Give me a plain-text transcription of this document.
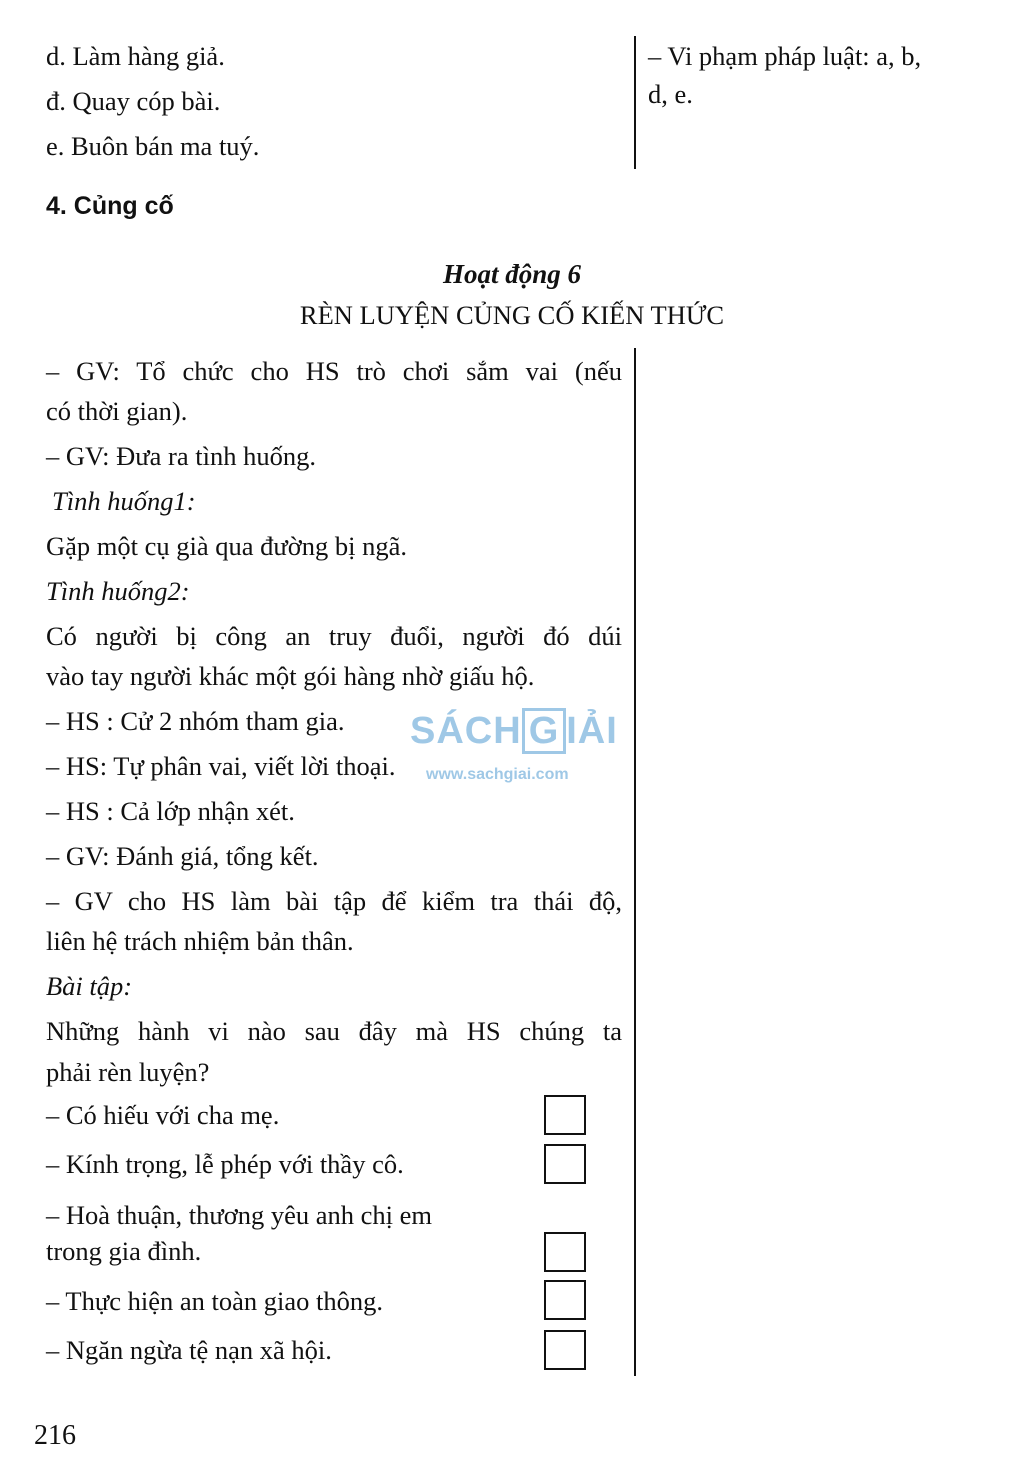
d. Làm hàng giả.
đ. Quay cóp bài.
e. Buôn bán ma tuý.
– Vi phạm pháp luật: a, b,
d, e.
4. Củng cố
Hoạt động 6
RÈN LUYỆN CỦNG CỐ KIẾN THỨC
– GV: Tổ chức cho HS trò chơi sắm vai (nếu
có thời gian).
– GV: Đưa ra tình huống.
Tình huống1:
Gặp một cụ già qua đường bị ngã.
Tình huống2:
Có người bị công an truy đuổi, người đó dúi
vào tay người khác một gói hàng nhờ giấu hộ.
– HS : Cử 2 nhóm tham gia.
– HS: Tự phân vai, viết lời thoại.
– HS : Cả lớp nhận xét.
– GV: Đánh giá, tổng kết.
– GV cho HS làm bài tập để kiểm tra thái độ,
liên hệ trách nhiệm bản thân.
Bài tập:
Những hành vi nào sau đây mà HS chúng ta
phải rèn luyện?
– Có hiếu với cha mẹ.
– Kính trọng, lễ phép với thầy cô.
– Hoà thuận, thương yêu anh chị em
trong gia đình.
– Thực hiện an toàn giao thông.
– Ngăn ngừa tệ nạn xã hội.
SÁCH G IẢI
www.sachgiai.com
216
